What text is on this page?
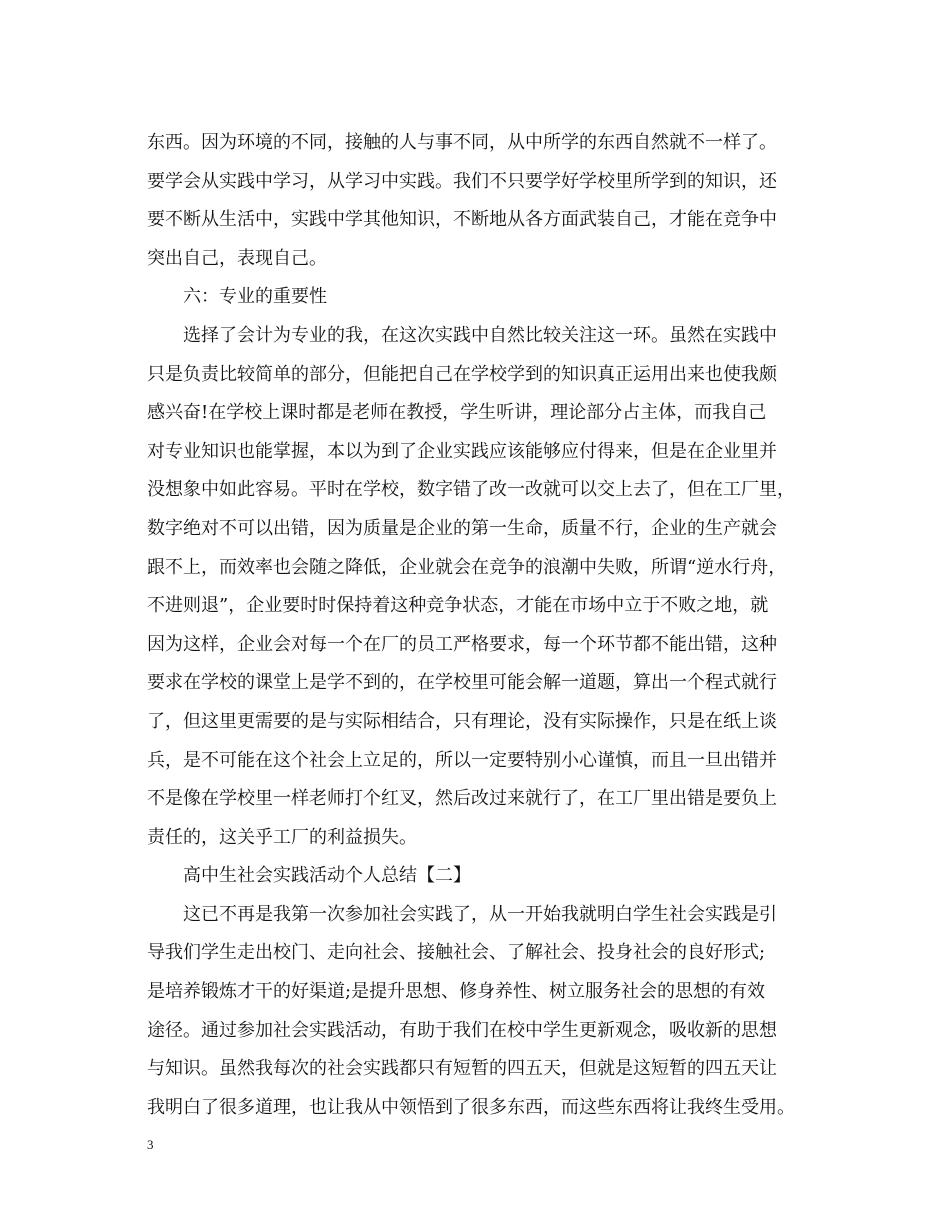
东西。因为环境的不同，接触的人与事不同，从中所学的东西自然就不一样了。
要学会从实践中学习，从学习中实践。我们不只要学好学校里所学到的知识，还
要不断从生活中，实践中学其他知识，不断地从各方面武装自己，才能在竞争中
突出自己，表现自己。
六：专业的重要性
选择了会计为专业的我，在这次实践中自然比较关注这一环。虽然在实践中
只是负责比较简单的部分，但能把自己在学校学到的知识真正运用出来也使我颇
感兴奋!在学校上课时都是老师在教授，学生听讲，理论部分占主体，而我自己
对专业知识也能掌握，本以为到了企业实践应该能够应付得来，但是在企业里并
没想象中如此容易。平时在学校，数字错了改一改就可以交上去了，但在工厂里，
数字绝对不可以出错，因为质量是企业的第一生命，质量不行，企业的生产就会
跟不上，而效率也会随之降低，企业就会在竞争的浪潮中失败，所谓“逆水行舟，
不进则退”，企业要时时保持着这种竞争状态，才能在市场中立于不败之地，就
因为这样，企业会对每一个在厂的员工严格要求，每一个环节都不能出错，这种
要求在学校的课堂上是学不到的，在学校里可能会解一道题，算出一个程式就行
了，但这里更需要的是与实际相结合，只有理论，没有实际操作，只是在纸上谈
兵，是不可能在这个社会上立足的，所以一定要特别小心谨慎，而且一旦出错并
不是像在学校里一样老师打个红叉，然后改过来就行了，在工厂里出错是要负上
责任的，这关乎工厂的利益损失。
高中生社会实践活动个人总结【二】
这已不再是我第一次参加社会实践了，从一开始我就明白学生社会实践是引
导我们学生走出校门、走向社会、接触社会、了解社会、投身社会的良好形式;
是培养锻炼才干的好渠道;是提升思想、修身养性、树立服务社会的思想的有效
途径。通过参加社会实践活动，有助于我们在校中学生更新观念，吸收新的思想
与知识。虽然我每次的社会实践都只有短暂的四五天，但就是这短暂的四五天让
我明白了很多道理，也让我从中领悟到了很多东西，而这些东西将让我终生受用。
3
